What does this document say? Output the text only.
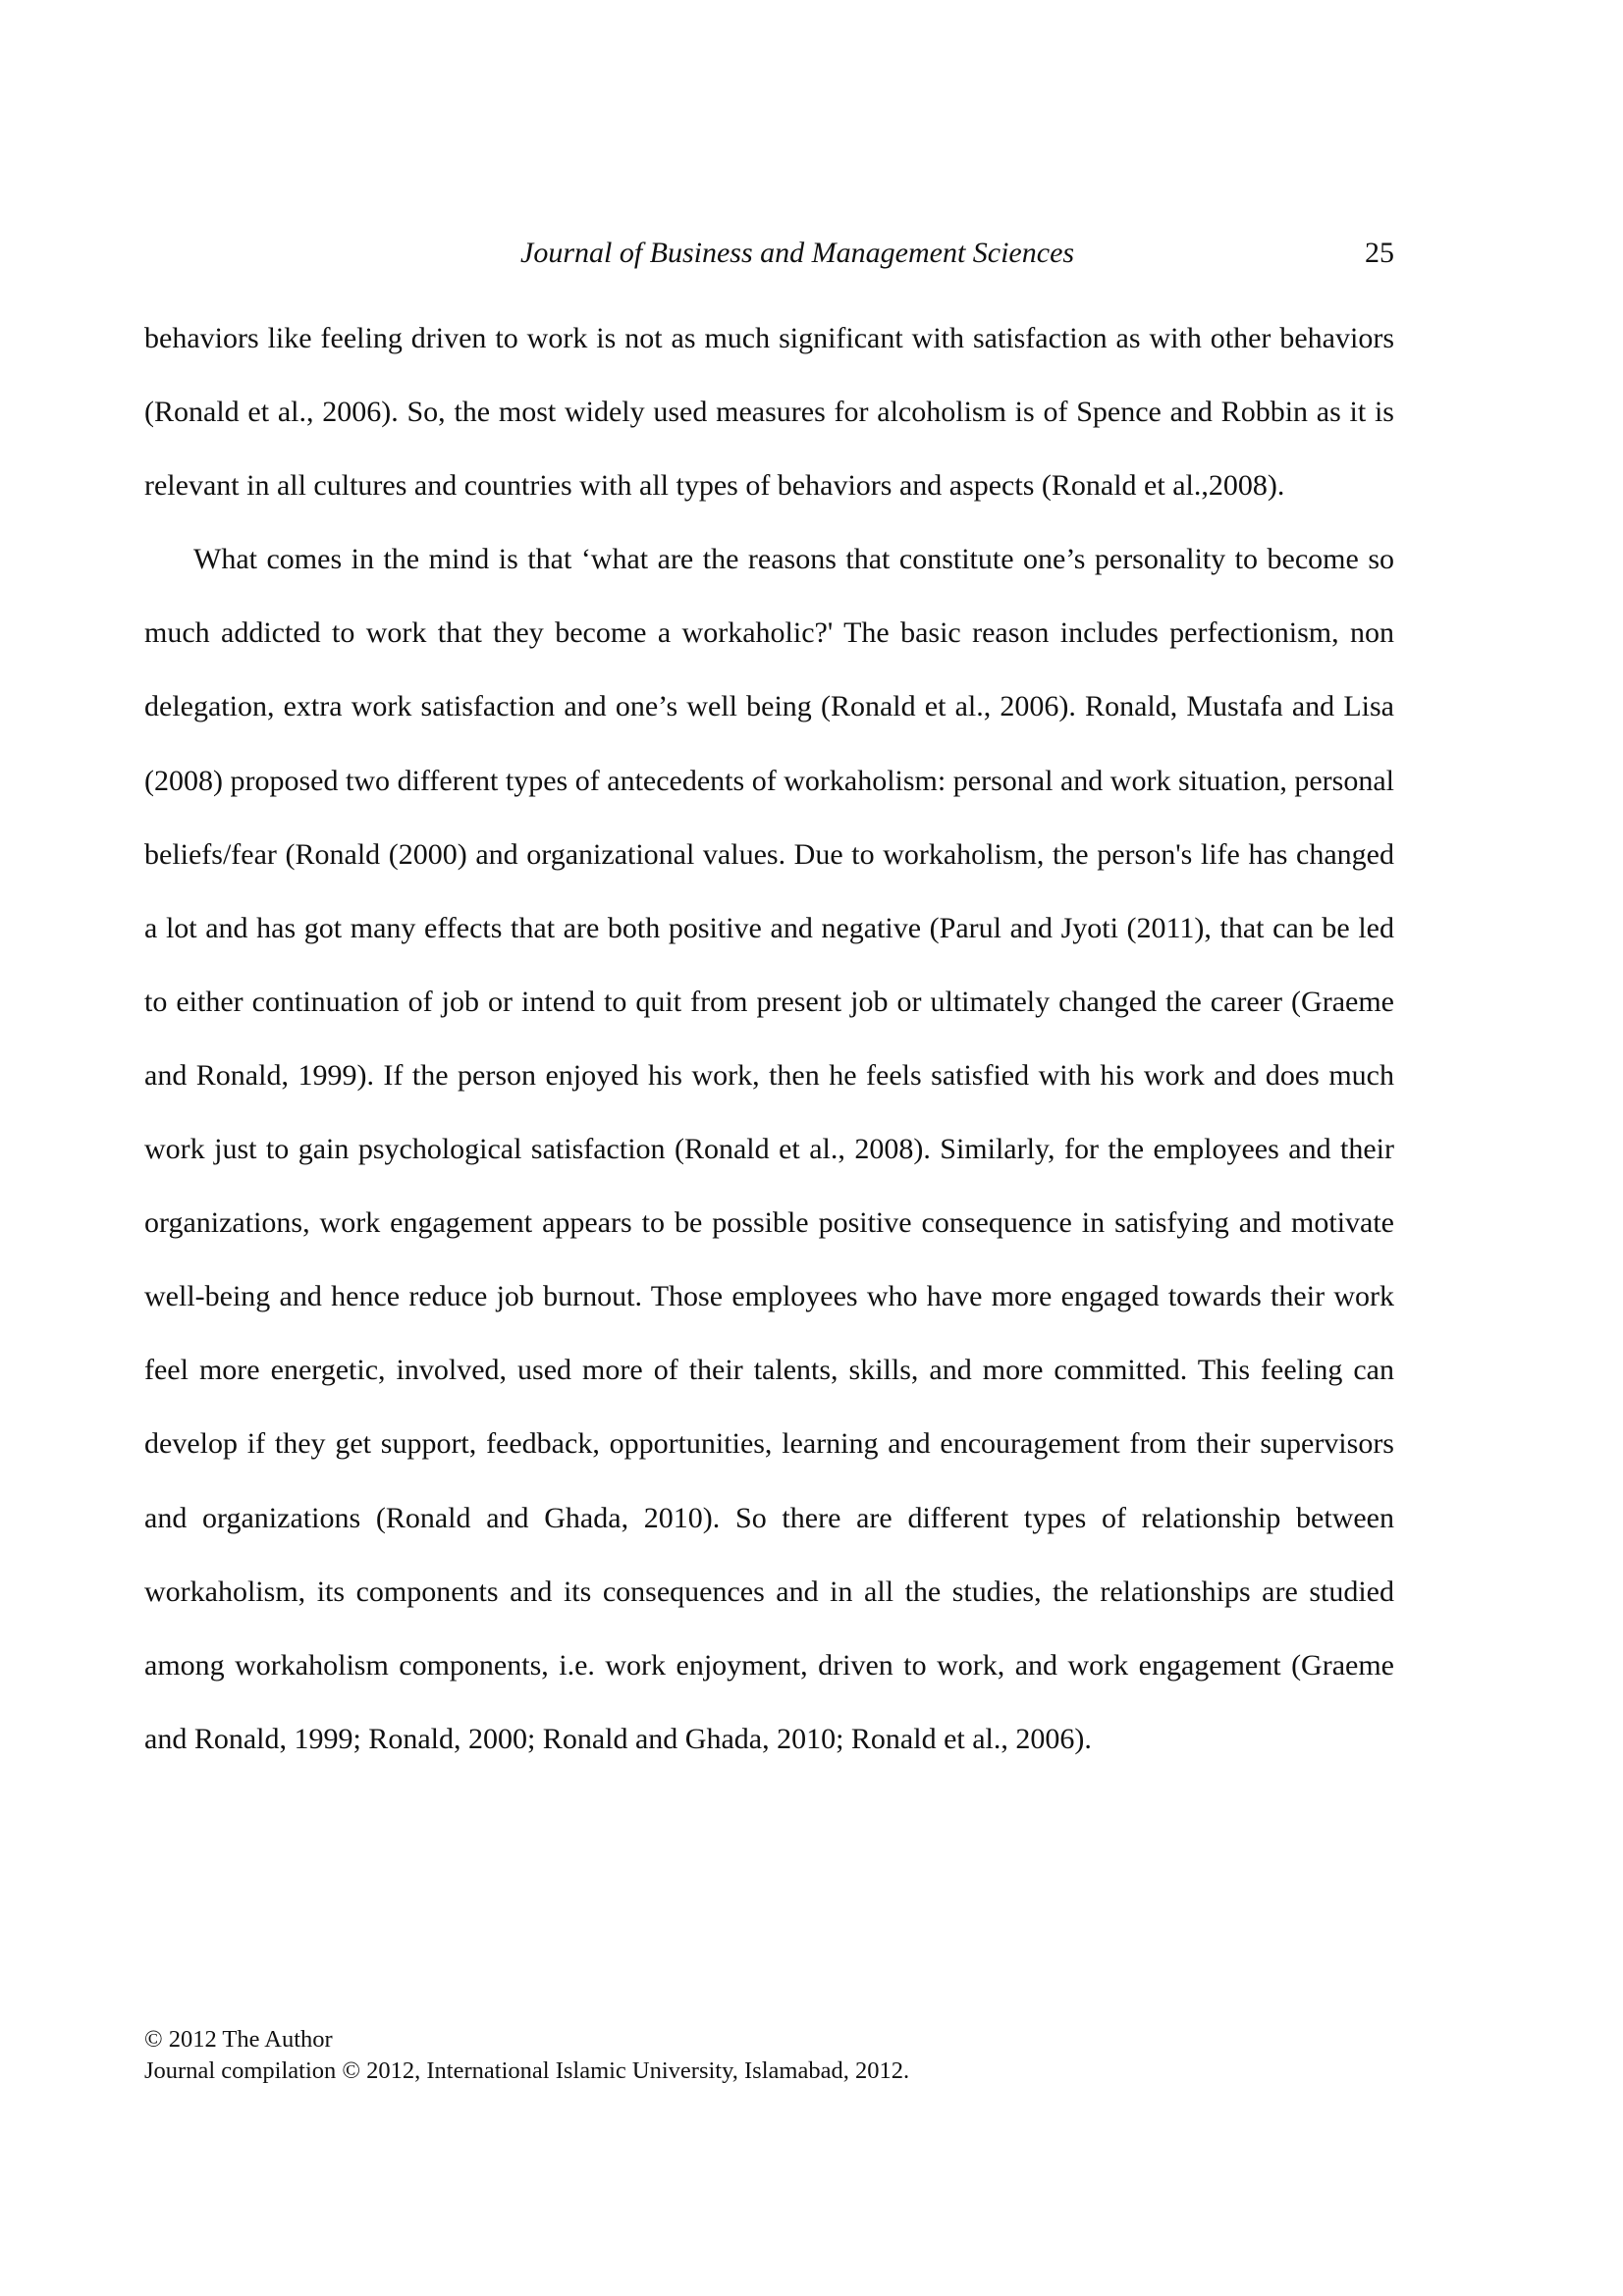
Journal of Business and Management Sciences	25

behaviors like feeling driven to work is not as much significant with satisfaction as with other behaviors (Ronald et al., 2006). So, the most widely used measures for alcoholism is of Spence and Robbin as it is relevant in all cultures and countries with all types of behaviors and aspects (Ronald et al.,2008).

What comes in the mind is that ‘what are the reasons that constitute one’s personality to become so much addicted to work that they become a workaholic?' The basic reason includes perfectionism, non delegation, extra work satisfaction and one’s well being (Ronald et al., 2006). Ronald, Mustafa and Lisa (2008) proposed two different types of antecedents of workaholism: personal and work situation, personal beliefs/fear (Ronald (2000) and organizational values. Due to workaholism, the person's life has changed a lot and has got many effects that are both positive and negative (Parul and Jyoti (2011), that can be led to either continuation of job or intend to quit from present job or ultimately changed the career (Graeme and Ronald, 1999). If the person enjoyed his work, then he feels satisfied with his work and does much work just to gain psychological satisfaction (Ronald et al., 2008). Similarly, for the employees and their organizations, work engagement appears to be possible positive consequence in satisfying and motivate well-being and hence reduce job burnout. Those employees who have more engaged towards their work feel more energetic, involved, used more of their talents, skills, and more committed. This feeling can develop if they get support, feedback, opportunities, learning and encouragement from their supervisors and organizations (Ronald and Ghada, 2010). So there are different types of relationship between workaholism, its components and its consequences and in all the studies, the relationships are studied among workaholism components, i.e. work enjoyment, driven to work, and work engagement (Graeme and Ronald, 1999; Ronald, 2000; Ronald and Ghada, 2010; Ronald et al., 2006).

© 2012 The Author
Journal compilation © 2012, International Islamic University, Islamabad, 2012.
